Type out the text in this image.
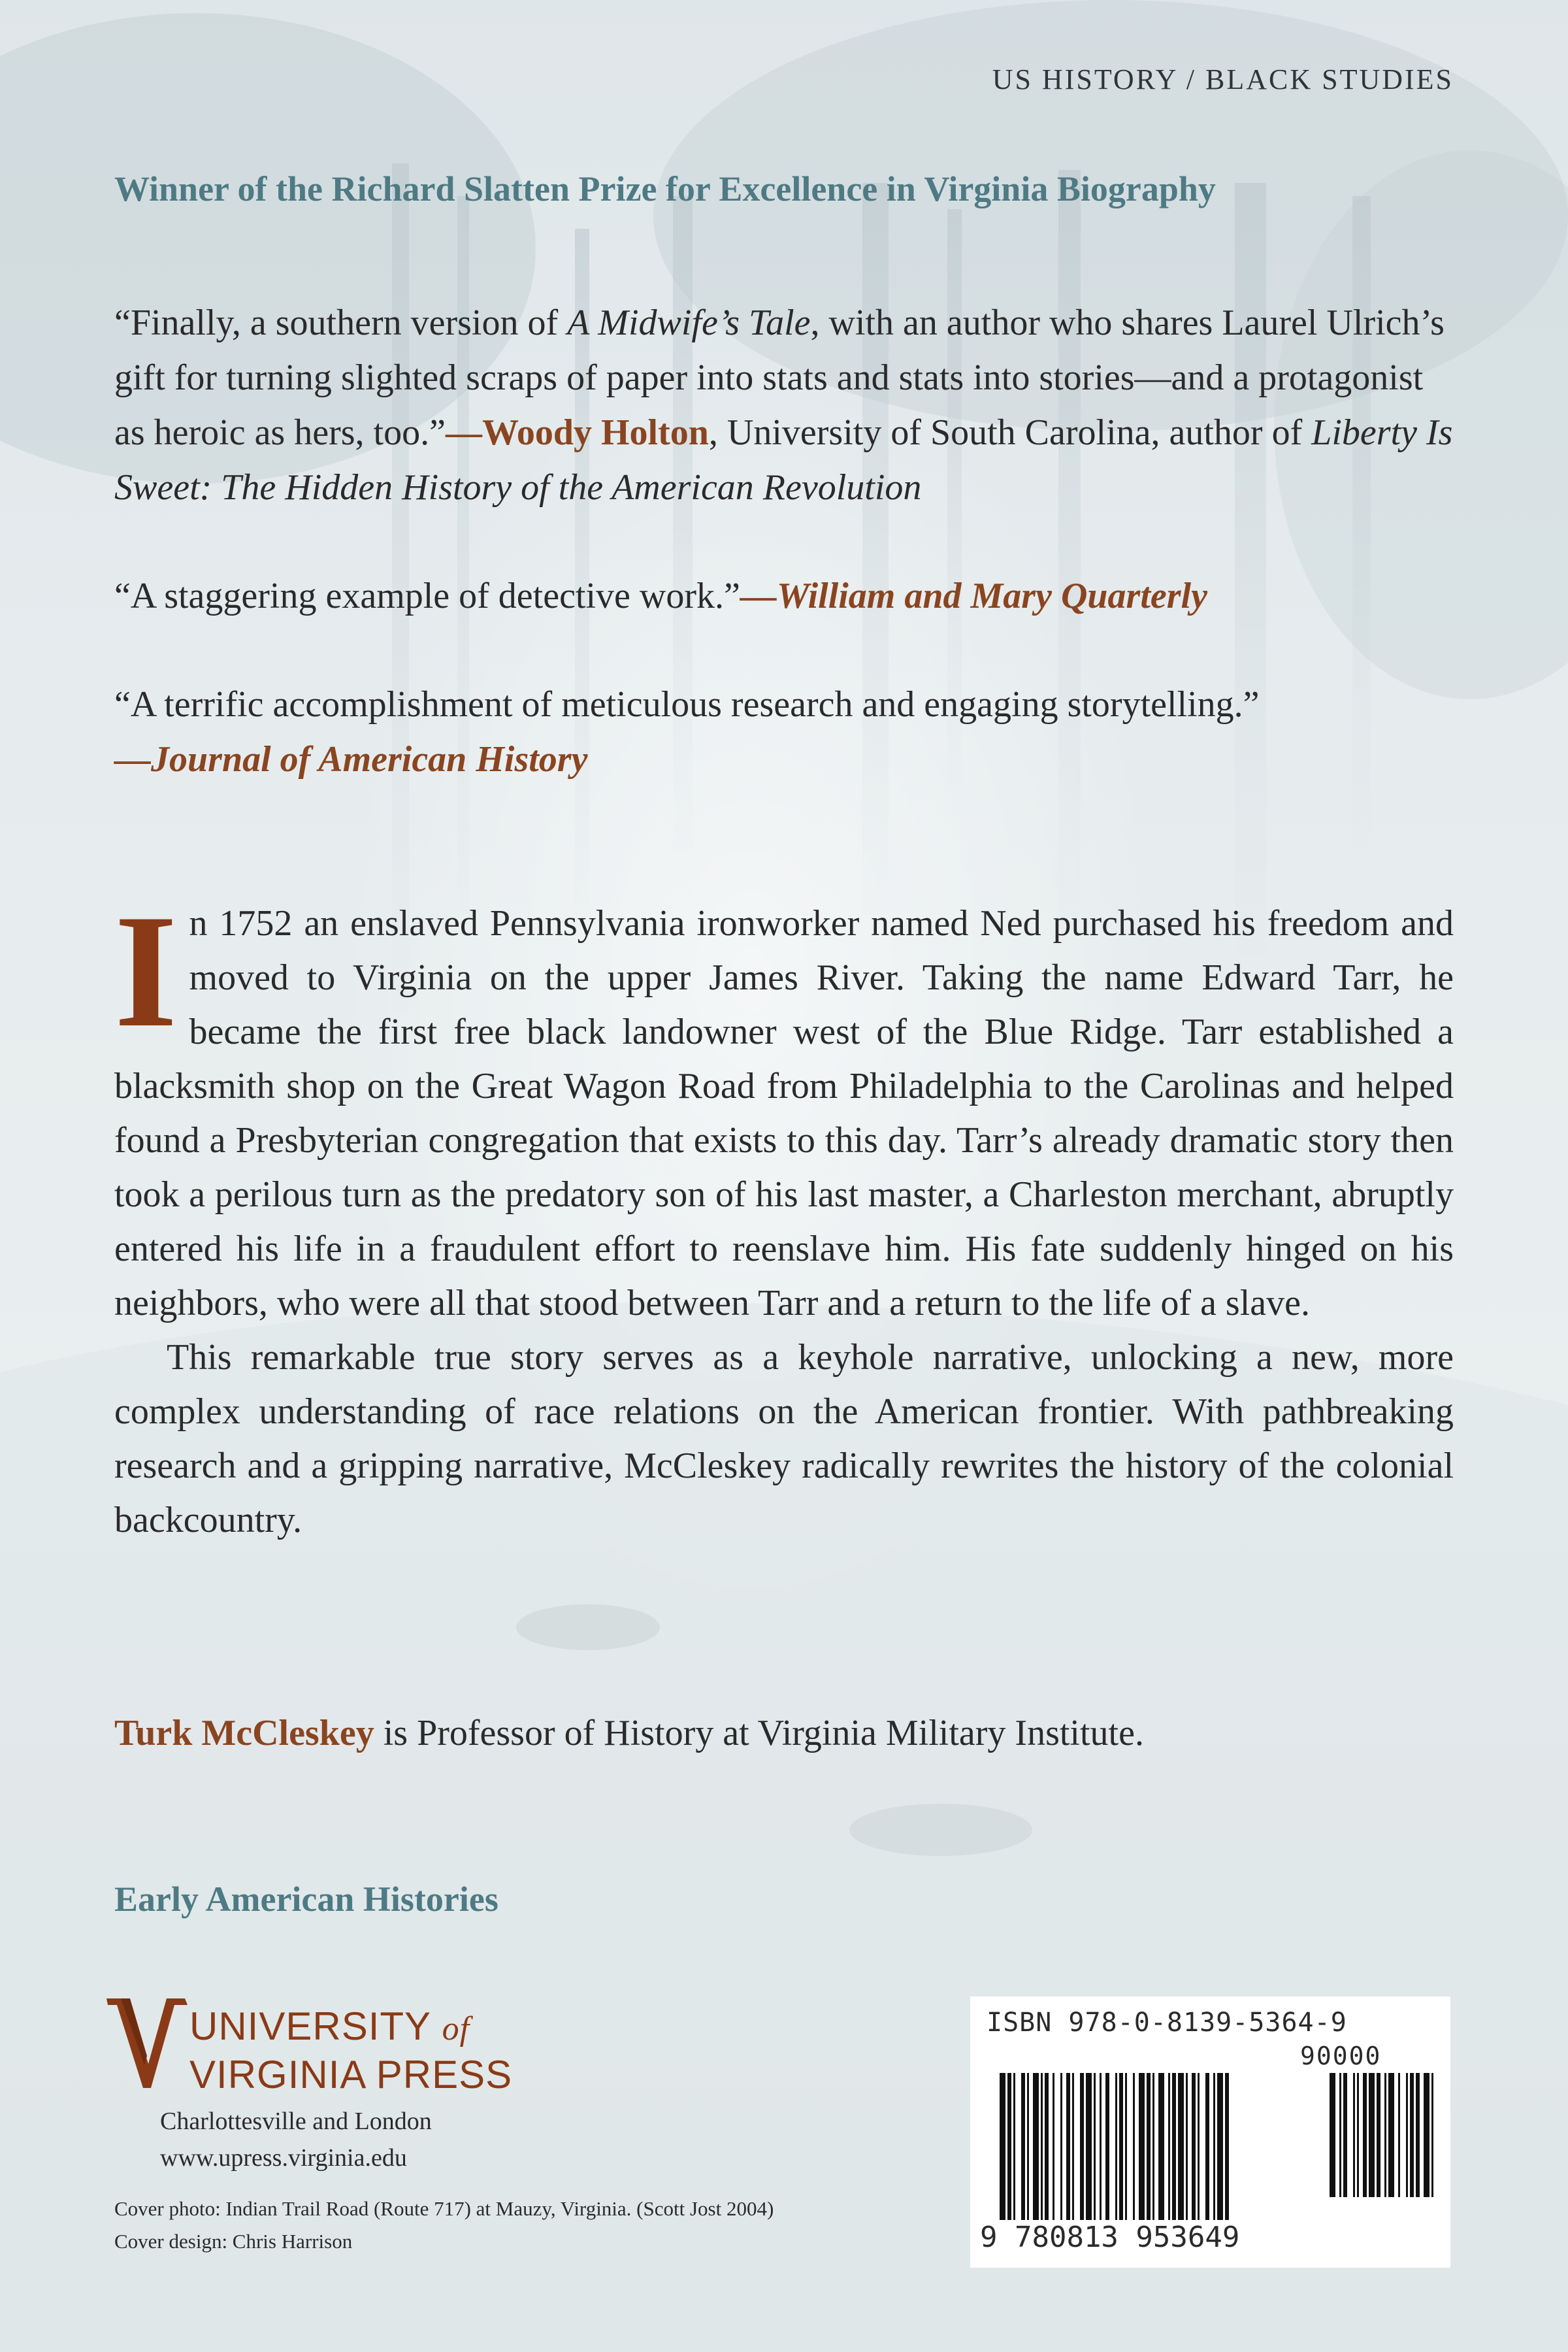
US HISTORY / BLACK STUDIES
Winner of the Richard Slatten Prize for Excellence in Virginia Biography
“Finally, a southern version of A Midwife’s Tale, with an author who shares Laurel Ulrich’s gift for turning slighted scraps of paper into stats and stats into stories—and a protagonist as heroic as hers, too.”—Woody Holton, University of South Carolina, author of Liberty Is Sweet: The Hidden History of the American Revolution
“A staggering example of detective work.”—William and Mary Quarterly
“A terrific accomplishment of meticulous research and engaging storytelling.”
—Journal of American History

In 1752 an enslaved Pennsylvania ironworker named Ned purchased his freedom and moved to Virginia on the upper James River. Taking the name Edward Tarr, he became the first free black landowner west of the Blue Ridge. Tarr established a blacksmith shop on the Great Wagon Road from Philadelphia to the Carolinas and helped found a Presbyterian congregation that exists to this day. Tarr’s already dramatic story then took a perilous turn as the predatory son of his last master, a Charleston merchant, abruptly entered his life in a fraudulent effort to reenslave him. His fate suddenly hinged on his neighbors, who were all that stood between Tarr and a return to the life of a slave.

This remarkable true story serves as a keyhole narrative, unlocking a new, more complex understanding of race relations on the American frontier. With pathbreaking research and a gripping narrative, McCleskey radically rewrites the history of the colonial backcountry.

Turk McCleskey is Professor of History at Virginia Military Institute.
Early American Histories
UNIVERSITY of
VIRGINIA PRESS
Charlottesville and London
www.upress.virginia.edu
Cover photo: Indian Trail Road (Route 717) at Mauzy, Virginia. (Scott Jost 2004)
Cover design: Chris Harrison
ISBN 978-0-8139-5364-9
90000
9 780813 953649
